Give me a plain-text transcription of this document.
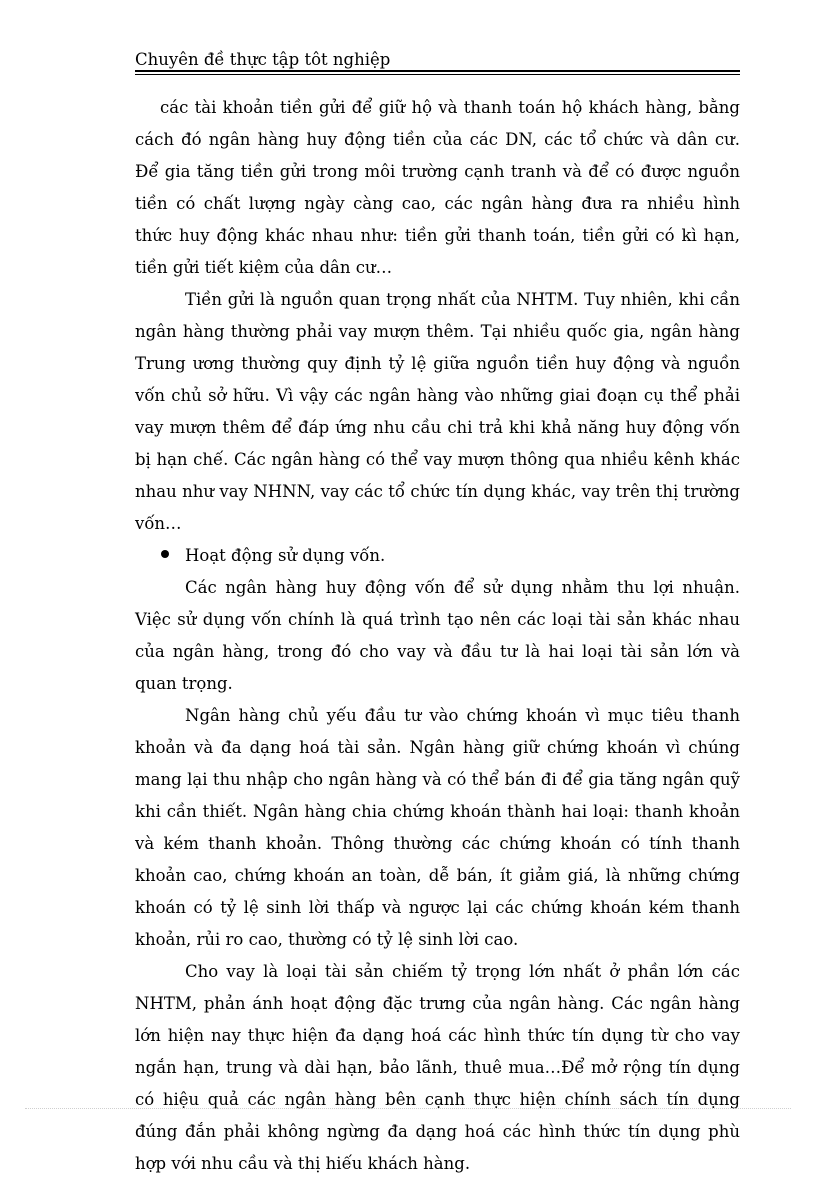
Chuyên đề thực tập tôt nghiệp

các tài khoản tiền gửi để giữ hộ và thanh toán hộ khách hàng, bằng cách đó ngân hàng huy động tiền của các DN, các tổ chức và dân cư. Để gia tăng tiền gửi trong môi trường cạnh tranh và để có được nguồn tiền có chất lượng ngày càng cao, các ngân hàng đưa ra nhiều hình thức huy động khác nhau như: tiền gửi thanh toán, tiền gửi có kì hạn, tiền gửi tiết kiệm của dân cư…

Tiền gửi là nguồn quan trọng nhất của NHTM. Tuy nhiên, khi cần ngân hàng thường phải vay mượn thêm. Tại nhiều quốc gia, ngân hàng Trung ương thường quy định tỷ lệ giữa nguồn tiền huy động và nguồn vốn chủ sở hữu. Vì vậy các ngân hàng vào những giai đoạn cụ thể phải vay mượn thêm để đáp ứng nhu cầu chi trả khi khả năng huy động vốn bị hạn chế. Các ngân hàng có thể vay mượn thông qua nhiều kênh khác nhau như vay NHNN, vay các tổ chức tín dụng khác, vay trên thị trường vốn…

Hoạt động sử dụng vốn.

Các ngân hàng huy động vốn để sử dụng nhằm thu lợi nhuận. Việc sử dụng vốn chính là quá trình tạo nên các loại tài sản khác nhau của ngân hàng, trong đó cho vay và đầu tư là hai loại tài sản lớn và quan trọng.

Ngân hàng chủ yếu đầu tư vào chứng khoán vì mục tiêu thanh khoản và đa dạng hoá tài sản. Ngân hàng giữ chứng khoán vì chúng mang lại thu nhập cho ngân hàng và có thể bán đi để gia tăng ngân quỹ khi cần thiết. Ngân hàng chia chứng khoán thành hai loại: thanh khoản và kém thanh khoản. Thông thường các chứng khoán có tính thanh khoản cao, chứng khoán an toàn, dễ bán, ít giảm giá, là những chứng khoán có tỷ lệ sinh lời thấp và ngược lại các chứng khoán kém thanh khoản, rủi ro cao, thường có tỷ lệ sinh lời cao.

Cho vay là loại tài sản chiếm tỷ trọng lớn nhất ở phần lớn các NHTM, phản ánh hoạt động đặc trưng của ngân hàng. Các ngân hàng lớn hiện nay thực hiện đa dạng hoá các hình thức tín dụng từ cho vay ngắn hạn, trung và dài hạn, bảo lãnh, thuê mua…Để mở rộng tín dụng có hiệu quả các ngân hàng bên cạnh thực hiện chính sách tín dụng đúng đắn phải không ngừng đa dạng hoá các hình thức tín dụng phù hợp với nhu cầu và thị hiếu khách hàng.
